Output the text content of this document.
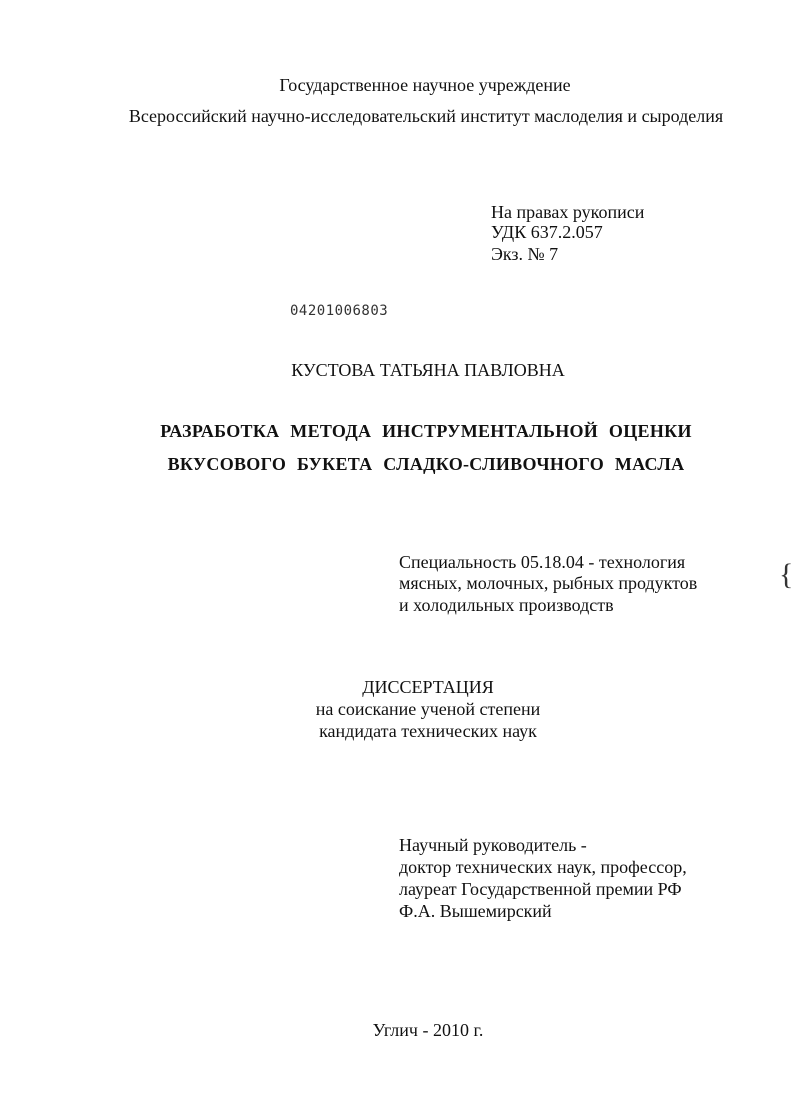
Государственное научное учреждение
Всероссийский научно-исследовательский институт маслоделия и сыроделия
На правах рукописи
УДК 637.2.057
Экз. № 7
04201006803
КУСТОВА ТАТЬЯНА ПАВЛОВНА
РАЗРАБОТКА МЕТОДА ИНСТРУМЕНТАЛЬНОЙ ОЦЕНКИ
ВКУСОВОГО БУКЕТА СЛАДКО-СЛИВОЧНОГО МАСЛА
Специальность 05.18.04 - технология
мясных, молочных, рыбных продуктов
и холодильных производств
{
ДИССЕРТАЦИЯ
на соискание ученой степени
кандидата технических наук
Научный руководитель -
доктор технических наук, профессор,
лауреат Государственной премии РФ
Ф.А. Вышемирский
Углич - 2010 г.
